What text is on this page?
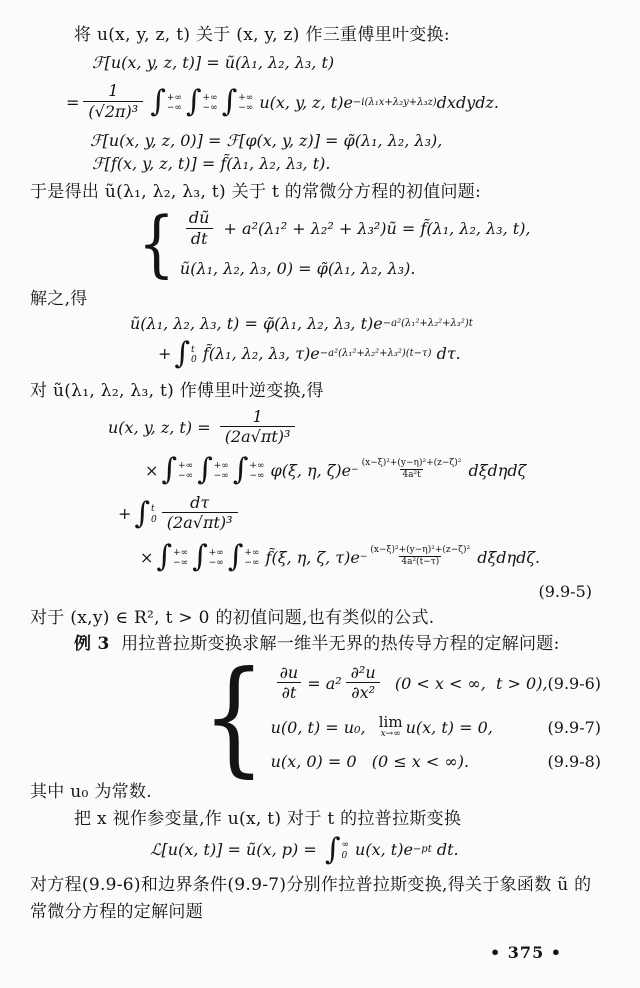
将 u(x, y, z, t) 关于 (x, y, z) 作三重傅里叶变换:

ℱ[u(x, y, z, t)] = ũ(λ₁, λ₂, λ₃, t)
= $\frac{1}{\text{(√2π)³}}$ ∫ +∞
−∞ ∫ +∞
−∞ ∫ +∞
−∞ u(x, y, z, t)e −i(λ₁x+λ₂y+λ₃z) dxdydz.
ℱ[u(x, y, z, 0)] = ℱ[φ(x, y, z)] = φ̃(λ₁, λ₂, λ₃),
ℱ[f(x, y, z, t)] = f̃(λ₁, λ₂, λ₃, t).

于是得出 ũ(λ₁, λ₂, λ₃, t) 关于 t 的常微分方程的初值问题:

{ $\frac{dũ}{dt} + a^2(\lambda_1^2 + \lambda_2^2$ + λ₃²)ũ = f̃(λ₁, λ₂, λ₃, t),
ũ(λ₁, λ₂, λ₃, 0) = φ̃(λ₁, λ₂, λ₃).

解之,得

ũ(λ₁, λ₂, λ₃, t) = φ̃(λ₁, λ₂, λ₃, t)e −a²(λ₁²+λ₂²+λ₃²)t
+ ∫ t
0 f̃(λ₁, λ₂, λ₃, τ)e −a²(λ₁²+λ₂²+λ₃²)(t−τ) dτ.

对 ũ(λ₁, λ₂, λ₃, t) 作傅里叶逆变换,得

u(x, y, z, $t) = \frac{1}{\text{(2a√πt)³}}$
× ∫ +∞
−∞ ∫ +∞
−∞ ∫ +∞
−∞ φ(ξ, η, $\zeta)e - \frac{\text{(x−ξ)²+(y−η)²+(z−ζ)²}}{\text{4a²t}}$ dξdηdζ
+ ∫ t
$0 \frac{d\tau}{\text{(2a√πt)³}}$
× ∫ +∞
−∞ ∫ +∞
−∞ ∫ +∞
−∞ f̃(ξ, η, ζ, $\tau)e - \frac{\text{(x−ξ)²+(y−η)²+(z−ζ)²}}{\text{4a²(t−τ)}} d\xi d\eta d\zeta$.
(9.9-5)

对于 (x,y) ∈ R², t > 0 的初值问题,也有类似的公式.

例 3 用拉普拉斯变换求解一维半无界的热传导方程的定解问题:

{ $\frac{\partial u}{\partial t} = a^2 \frac{\text{∂²u}}{\text{∂x²}} (0 < x$ < ∞,  t > 0), (9.9-6)
u(0, t) = u₀, lim
x→∞ u(x, t) = 0,	(9.9-7)
u(x, 0) = 0   (0 ≤ x < ∞).	(9.9-8)

其中 u₀ 为常数.

把 x 视作参变量,作 u(x, t) 对于 t 的拉普拉斯变换

ℒ[u(x, t)] = ũ(x, p) = ∫ ∞
0 u(x, t)e −pt dt.

对方程(9.9-6)和边界条件(9.9-7)分别作拉普拉斯变换,得关于象函数 ũ 的

常微分方程的定解问题

• 375 •
